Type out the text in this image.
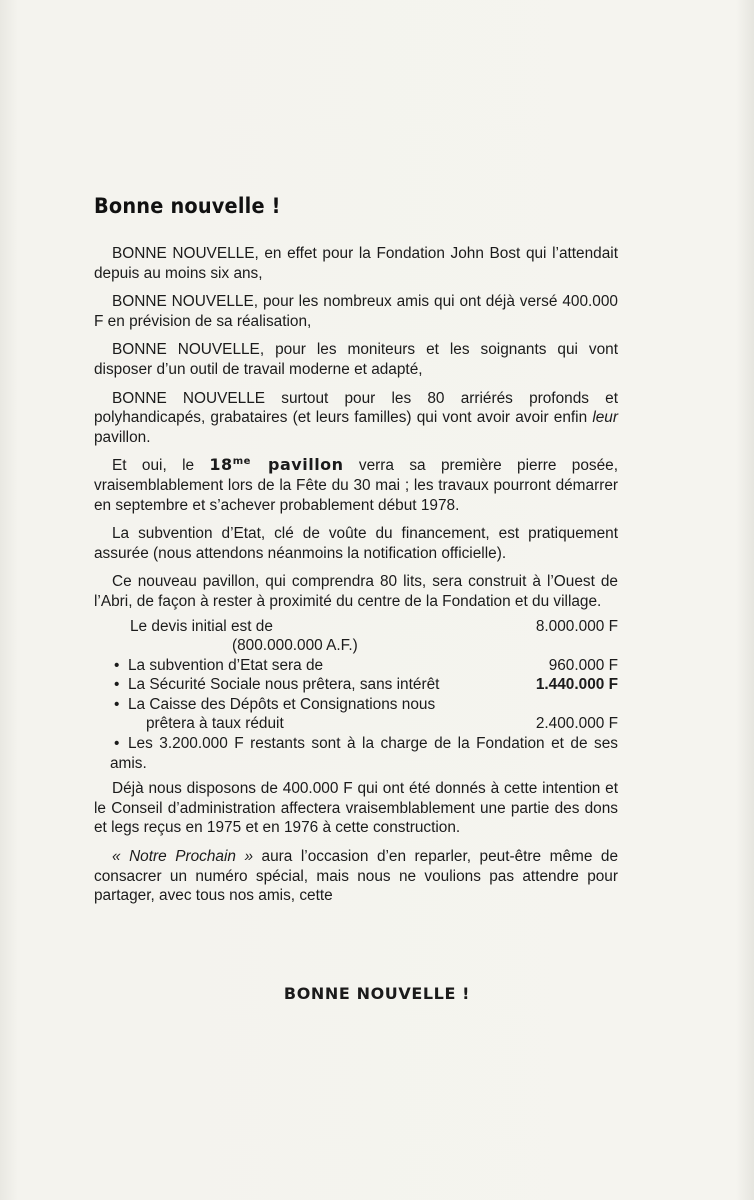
Bonne nouvelle !

BONNE NOUVELLE, en effet pour la Fondation John Bost qui l’attendait depuis au moins six ans,

BONNE NOUVELLE, pour les nombreux amis qui ont déjà versé 400.000 F en prévision de sa réalisation,

BONNE NOUVELLE, pour les moniteurs et les soignants qui vont disposer d’un outil de travail moderne et adapté,

BONNE NOUVELLE surtout pour les 80 arriérés profonds et polyhandicapés, grabataires (et leurs familles) qui vont avoir avoir enfin leur pavillon.

Et oui, le $18^{me}$ pavillon verra sa première pierre posée, vraisemblablement lors de la Fête du 30 mai ; les travaux pourront démarrer en septembre et s’achever probablement début 1978.

La subvention d’Etat, clé de voûte du financement, est pratiquement assurée (nous attendons néanmoins la notification officielle).

Ce nouveau pavillon, qui comprendra 80 lits, sera construit à l’Ouest de l’Abri, de façon à rester à proximité du centre de la Fondation et du village.

Le devis initial est de	8.000.000 F
(800.000.000 A.F.)
• La subvention d’Etat sera de	960.000 F
• La Sécurité Sociale nous prêtera, sans intérêt	1.440.000 F
• La Caisse des Dépôts et Consignations nous
prêtera à taux réduit	2.400.000 F
• Les 3.200.000 F restants sont à la charge de la Fondation et de ses amis.

Déjà nous disposons de 400.000 F qui ont été donnés à cette intention et le Conseil d’administration affectera vraisemblablement une partie des dons et legs reçus en 1975 et en 1976 à cette construction.

« Notre Prochain » aura l’occasion d’en reparler, peut-être même de consacrer un numéro spécial, mais nous ne voulions pas attendre pour partager, avec tous nos amis, cette

BONNE NOUVELLE !
